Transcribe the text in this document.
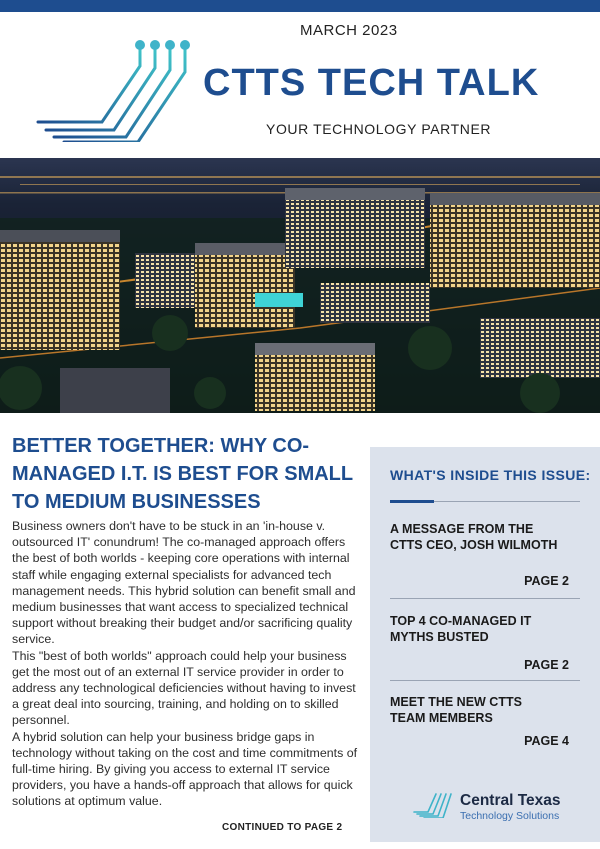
MARCH 2023
CTTS TECH TALK
YOUR TECHNOLOGY PARTNER
BETTER TOGETHER: WHY CO-MANAGED I.T. IS BEST FOR SMALL TO MEDIUM BUSINESSES

Business owners don't have to be stuck in an 'in-house v. outsourced IT' conundrum! The co-managed approach offers the best of both worlds - keeping core operations with internal staff while engaging external specialists for advanced tech management needs. This hybrid solution can benefit small and medium businesses that want access to specialized technical support without breaking their budget and/or sacrificing quality service.

This "best of both worlds" approach could help your business get the most out of an external IT service provider in order to address any technological deficiencies without having to invest a great deal into sourcing, training, and holding on to skilled personnel.

A hybrid solution can help your business bridge gaps in technology without taking on the cost and time commitments of full-time hiring. By giving you access to external IT service providers, you have a hands-off approach that allows for quick solutions at optimum value.

CONTINUED TO PAGE 2
WHAT'S INSIDE THIS ISSUE:
A MESSAGE FROM THE CTTS CEO, JOSH WILMOTH
PAGE 2
TOP 4 CO-MANAGED IT MYTHS BUSTED
PAGE 2
MEET THE NEW CTTS TEAM MEMBERS
PAGE 4
Central Texas
Technology Solutions
